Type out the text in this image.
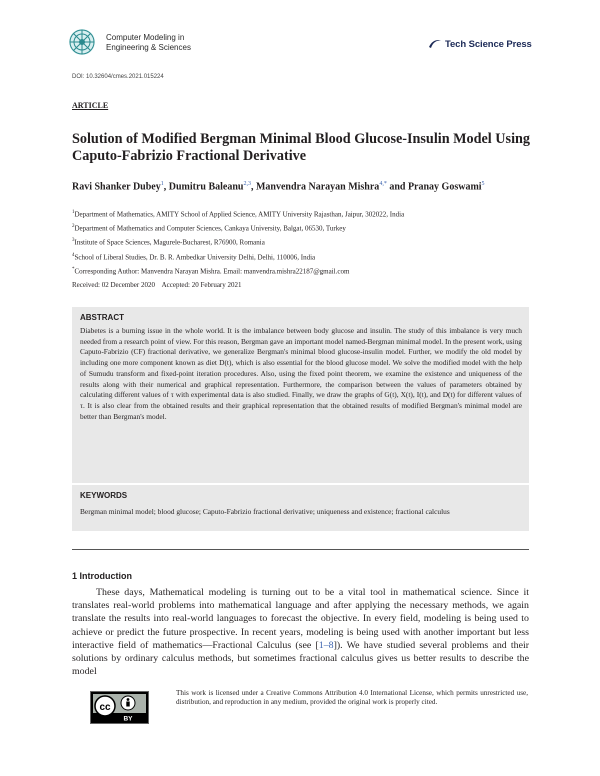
Computer Modeling in
Engineering & Sciences	Tech Science Press
DOI: 10.32604/cmes.2021.015224
ARTICLE
Solution of Modified Bergman Minimal Blood Glucose-Insulin Model Using Caputo-Fabrizio Fractional Derivative
Ravi Shanker Dubey$^1$, Dumitru Baleanu$^{2,3}$, Manvendra Narayan Mishra$^{4,*}$ and Pranay Goswami$^5$
$^1$Department of Mathematics, AMITY School of Applied Science, AMITY University Rajasthan, Jaipur, 302022, India
$^2$Department of Mathematics and Computer Sciences, Cankaya University, Balgat, 06530, Turkey
$^3$Institute of Space Sciences, Magurele-Bucharest, R76900, Romania
$^4$School of Liberal Studies, Dr. B. R. Ambedkar University Delhi, Delhi, 110006, India
*Corresponding Author: Manvendra Narayan Mishra. Email: manvendra.mishra22187@gmail.com
Received: 02 December 2020    Accepted: 20 February 2021
ABSTRACT
Diabetes is a burning issue in the whole world. It is the imbalance between body glucose and insulin. The study of this imbalance is very much needed from a research point of view. For this reason, Bergman gave an important model named-Bergman minimal model. In the present work, using Caputo-Fabrizio (CF) fractional derivative, we generalize Bergman's minimal blood glucose-insulin model. Further, we modify the old model by including one more component known as diet D(t), which is also essential for the blood glucose model. We solve the modified model with the help of Sumudu transform and fixed-point iteration procedures. Also, using the fixed point theorem, we examine the existence and uniqueness of the results along with their numerical and graphical representation. Furthermore, the comparison between the values of parameters obtained by calculating different values of τ with experimental data is also studied. Finally, we draw the graphs of G(t), X(t), I(t), and D(t) for different values of τ. It is also clear from the obtained results and their graphical representation that the obtained results of modified Bergman's minimal model are better than Bergman's model.
KEYWORDS
Bergman minimal model; blood glucose; Caputo-Fabrizio fractional derivative; uniqueness and existence; fractional calculus
1 Introduction
These days, Mathematical modeling is turning out to be a vital tool in mathematical science. Since it translates real-world problems into mathematical language and after applying the necessary methods, we again translate the results into real-world languages to forecast the objective. In every field, modeling is being used to achieve or predict the future prospective. In recent years, modeling is being used with another important but less interactive field of mathematics—Fractional Calculus (see [1–8]). We have studied several problems and their solutions by ordinary calculus methods, but sometimes fractional calculus gives us better results to describe the model
cc
BY
This work is licensed under a Creative Commons Attribution 4.0 International License, which permits unrestricted use, distribution, and reproduction in any medium, provided the original work is properly cited.
